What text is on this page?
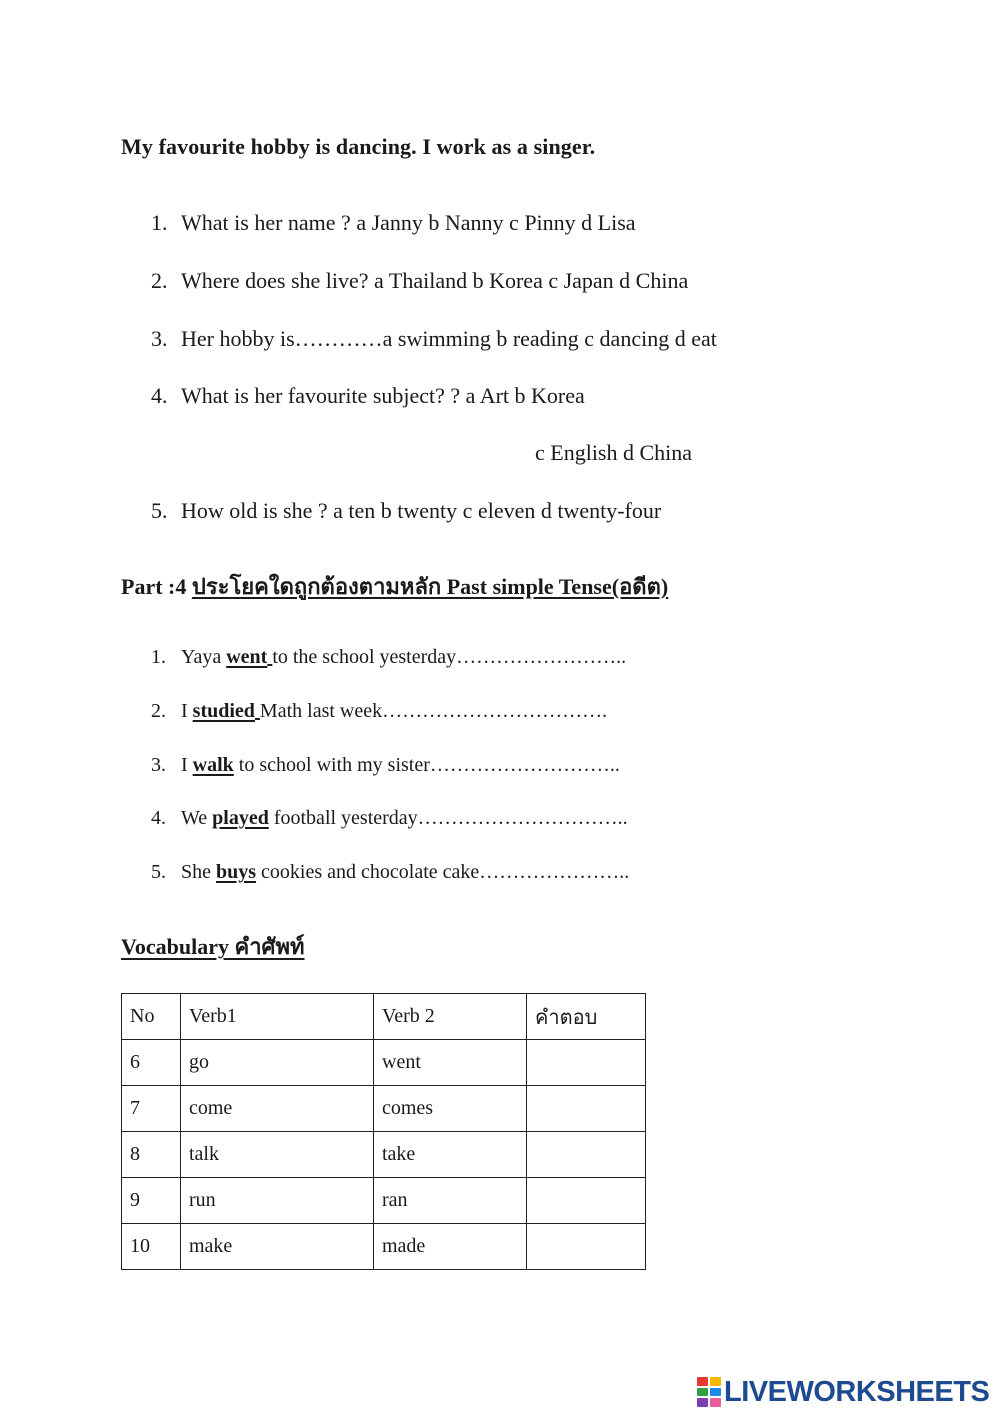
My favourite hobby is dancing. I work as a singer.
1. What is her name ? a Janny b Nanny c Pinny d Lisa
2. Where does she live? a Thailand b Korea c Japan d China
3. Her hobby is…………a swimming b reading c dancing d eat
4. What is her favourite subject? ? a Art b Korea
c English d China
5. How old is she ? a ten b twenty c eleven d twenty-four
Part :4 ประโยคใดถูกต้องตามหลัก Past simple Tense(อดีต)
1. Yaya went to the school yesterday……………………..
2. I studied Math last week…………………………….
3. I walk to school with my sister………………………..
4. We played football yesterday…………………………..
5. She buys cookies and chocolate cake…………………..
Vocabulary คำศัพท์
No	Verb1	Verb 2	คำตอบ
6	go	went	
7	come	comes	
8	talk	take	
9	run	ran	
10	make	made	
LIVEWORKSHEETS
